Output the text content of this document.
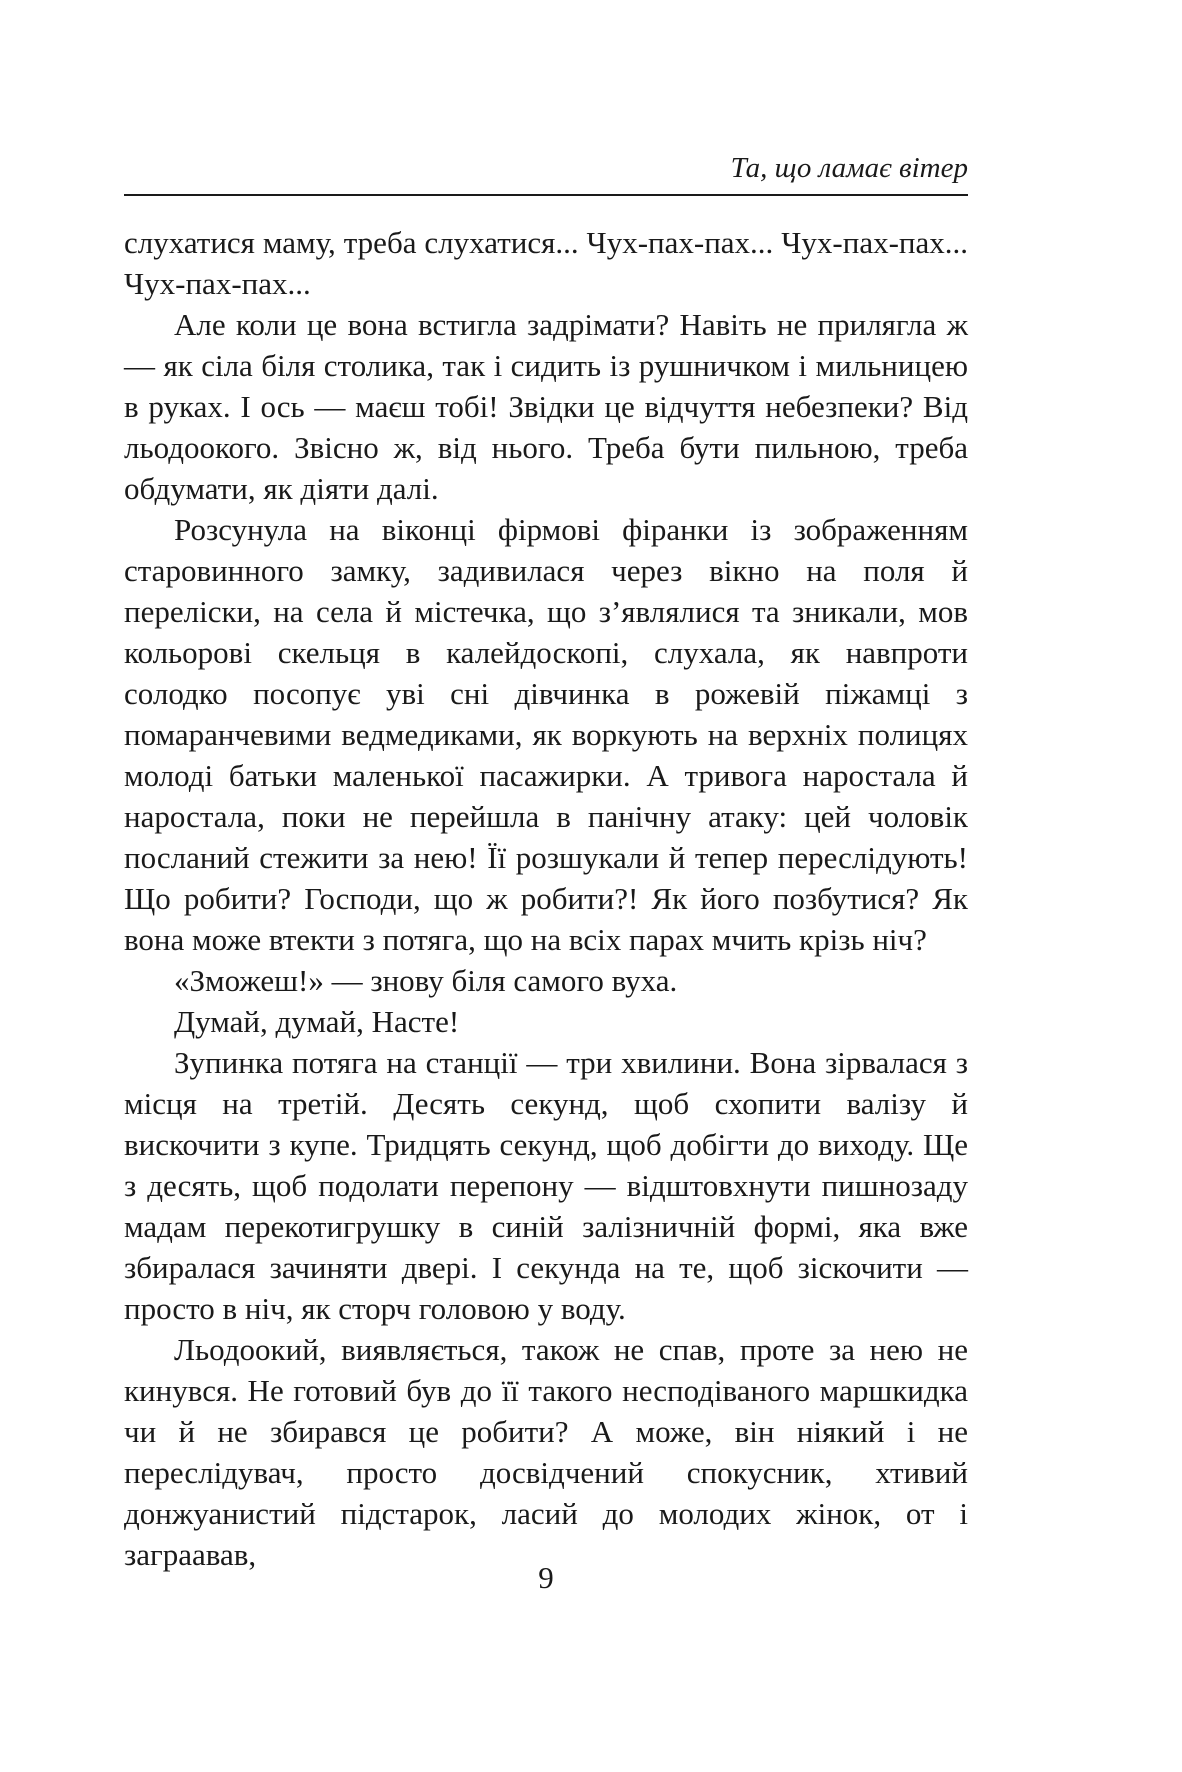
Та, що ламає вітер

слухатися маму, треба слухатися... Чух-пах-пах... Чух-пах-пах... Чух-пах-пах...

Але коли це вона встигла задрімати? Навіть не прилягла ж — як сіла біля столика, так і сидить із рушничком і мильницею в руках. І ось — маєш тобі! Звідки це відчуття небезпеки? Від льодоокого. Звісно ж, від нього. Треба бути пильною, треба обдумати, як діяти далі.

Розсунула на віконці фірмові фіранки із зображенням старовинного замку, задивилася через вікно на поля й перелiски, на села й містечка, що з’являлися та зникали, мов кольорові скельця в калейдоскопі, слухала, як навпроти солодко посопує уві сні дівчинка в рожевій піжамці з помаранчевими ведмедиками, як воркують на верхніх полицях молоді батьки маленької пасажирки. А тривога наростала й наростала, поки не перейшла в панічну атаку: цей чоловік посланий стежити за нею! Її розшукали й тепер переслідують! Що робити? Господи, що ж робити?! Як його позбутися? Як вона може втекти з потяга, що на всіх парах мчить крізь ніч?

«Зможеш!» — знову біля самого вуха.

Думай, думай, Насте!

Зупинка потяга на станції — три хвилини. Вона зірвалася з місця на третій. Десять секунд, щоб схопити валізу й вискочити з купе. Тридцять секунд, щоб добігти до виходу. Ще з десять, щоб подолати перепону — відштовхнути пишнозаду мадам перекотигрушку в синій залізничній формі, яка вже збиралася зачиняти двері. І секунда на те, щоб зіскочити — просто в ніч, як сторч головою у воду.

Льодоокий, виявляється, також не спав, проте за нею не кинувся. Не готовий був до її такого несподіваного маршкидка чи й не збирався це робити? А може, він ніякий і не переслідувач, просто досвідчений спокусник, хтивий донжуанистий підстарок, ласий до молодих жінок, от і заграaвав,

9
